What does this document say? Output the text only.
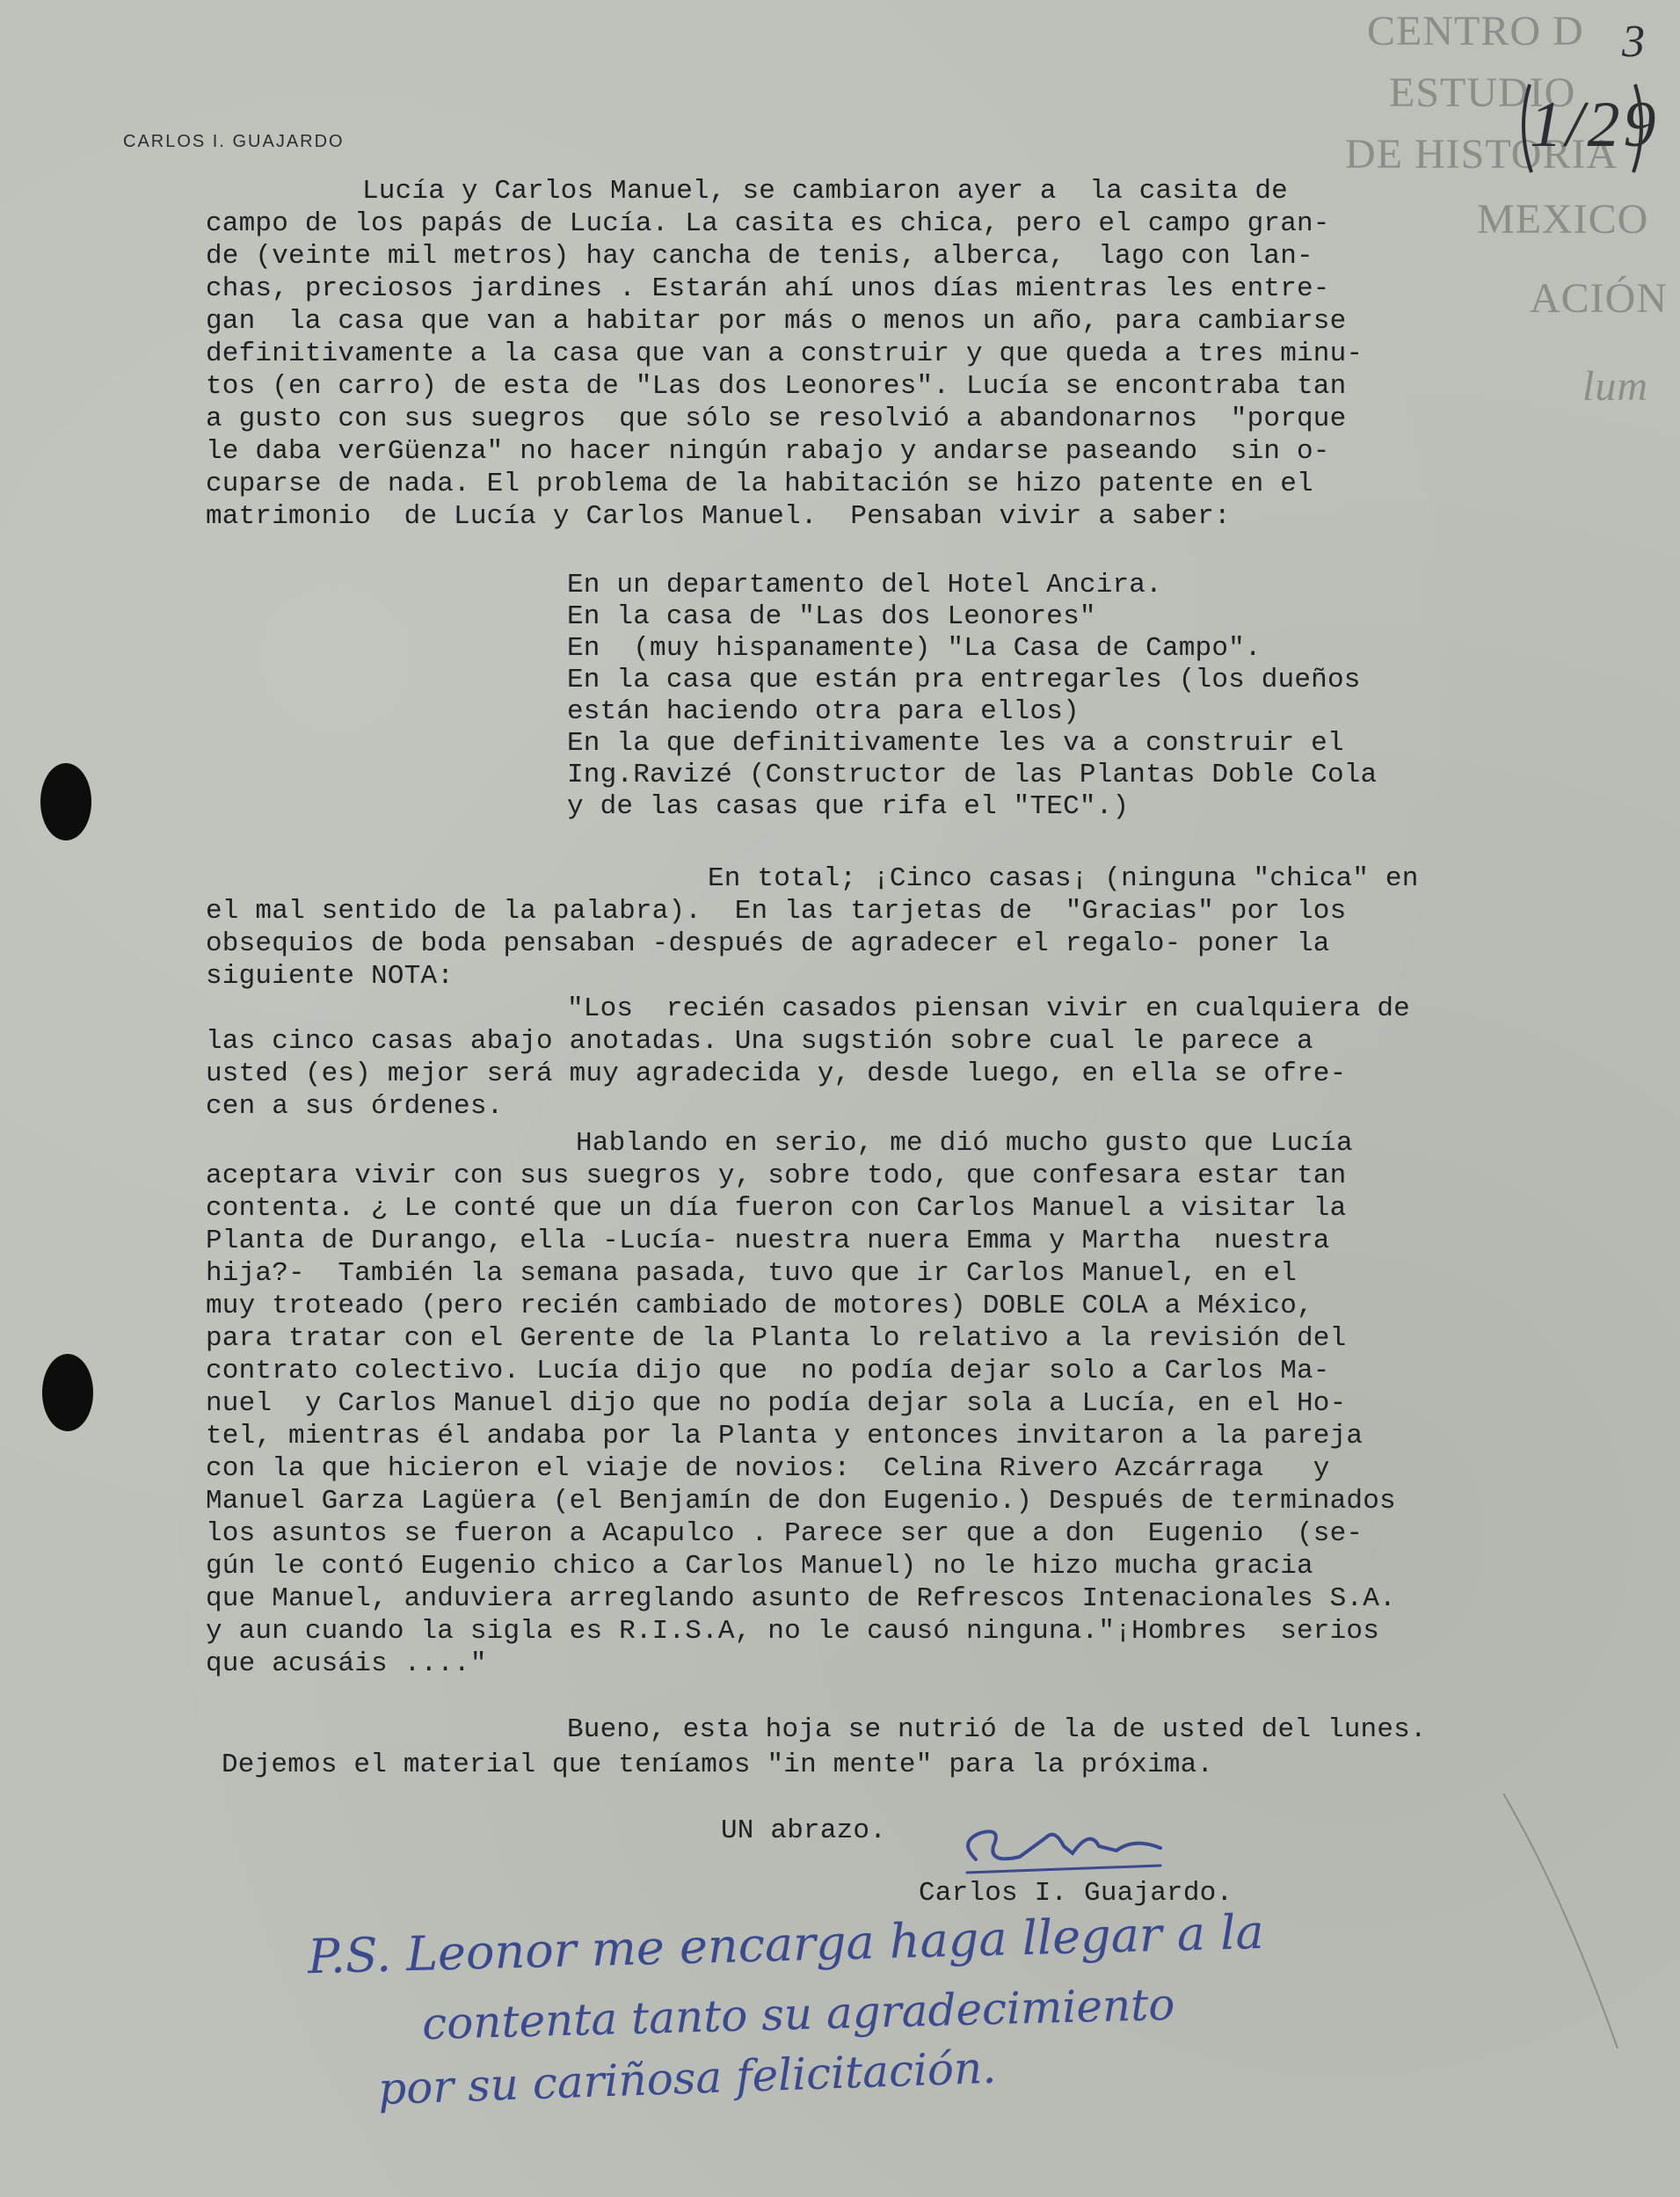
CENTRO D
ESTUDIO
DE HISTORIA
MEXICO
ACIÓN
lum
3
1/29
CARLOS I. GUAJARDO
Lucía y Carlos Manuel, se cambiaron ayer a  la casita de
campo de los papás de Lucía. La casita es chica, pero el campo gran-
de (veinte mil metros) hay cancha de tenis, alberca,  lago con lan-
chas, preciosos jardines . Estarán ahí unos días mientras les entre-
gan  la casa que van a habitar por más o menos un año, para cambiarse
definitivamente a la casa que van a construir y que queda a tres minu-
tos (en carro) de esta de "Las dos Leonores". Lucía se encontraba tan
a gusto con sus suegros  que sólo se resolvió a abandonarnos  "porque
le daba verGüenza" no hacer ningún rabajo y andarse paseando  sin o-
cuparse de nada. El problema de la habitación se hizo patente en el
matrimonio  de Lucía y Carlos Manuel.  Pensaban vivir a saber:
En un departamento del Hotel Ancira.
En la casa de "Las dos Leonores"
En  (muy hispanamente) "La Casa de Campo".
En la casa que están pra entregarles (los dueños
están haciendo otra para ellos)
En la que definitivamente les va a construir el
Ing.Ravizé (Constructor de las Plantas Doble Cola
y de las casas que rifa el "TEC".)
En total; ¡Cinco casas¡ (ninguna "chica" en
el mal sentido de la palabra).  En las tarjetas de  "Gracias" por los
obsequios de boda pensaban -después de agradecer el regalo- poner la
siguiente NOTA:
"Los  recién casados piensan vivir en cualquiera de
las cinco casas abajo anotadas. Una sugstión sobre cual le parece a
usted (es) mejor será muy agradecida y, desde luego, en ella se ofre-
cen a sus órdenes.
Hablando en serio, me dió mucho gusto que Lucía
aceptara vivir con sus suegros y, sobre todo, que confesara estar tan
contenta. ¿ Le conté que un día fueron con Carlos Manuel a visitar la
Planta de Durango, ella -Lucía- nuestra nuera Emma y Martha  nuestra
hija?-  También la semana pasada, tuvo que ir Carlos Manuel, en el
muy troteado (pero recién cambiado de motores) DOBLE COLA a México,
para tratar con el Gerente de la Planta lo relativo a la revisión del
contrato colectivo. Lucía dijo que  no podía dejar solo a Carlos Ma-
nuel  y Carlos Manuel dijo que no podía dejar sola a Lucía, en el Ho-
tel, mientras él andaba por la Planta y entonces invitaron a la pareja
con la que hicieron el viaje de novios:  Celina Rivero Azcárraga   y
Manuel Garza Lagüera (el Benjamín de don Eugenio.) Después de terminados
los asuntos se fueron a Acapulco . Parece ser que a don  Eugenio  (se-
gún le contó Eugenio chico a Carlos Manuel) no le hizo mucha gracia
que Manuel, anduviera arreglando asunto de Refrescos Intenacionales S.A.
y aun cuando la sigla es R.I.S.A, no le causó ninguna."¡Hombres  serios
que acusáis ...."
Bueno, esta hoja se nutrió de la de usted del lunes.
Dejemos el material que teníamos "in mente" para la próxima.
UN abrazo.
Carlos I. Guajardo.
P.S. Leonor me encarga haga llegar a la
contenta tanto su agradecimiento
por su cariñosa felicitación.
